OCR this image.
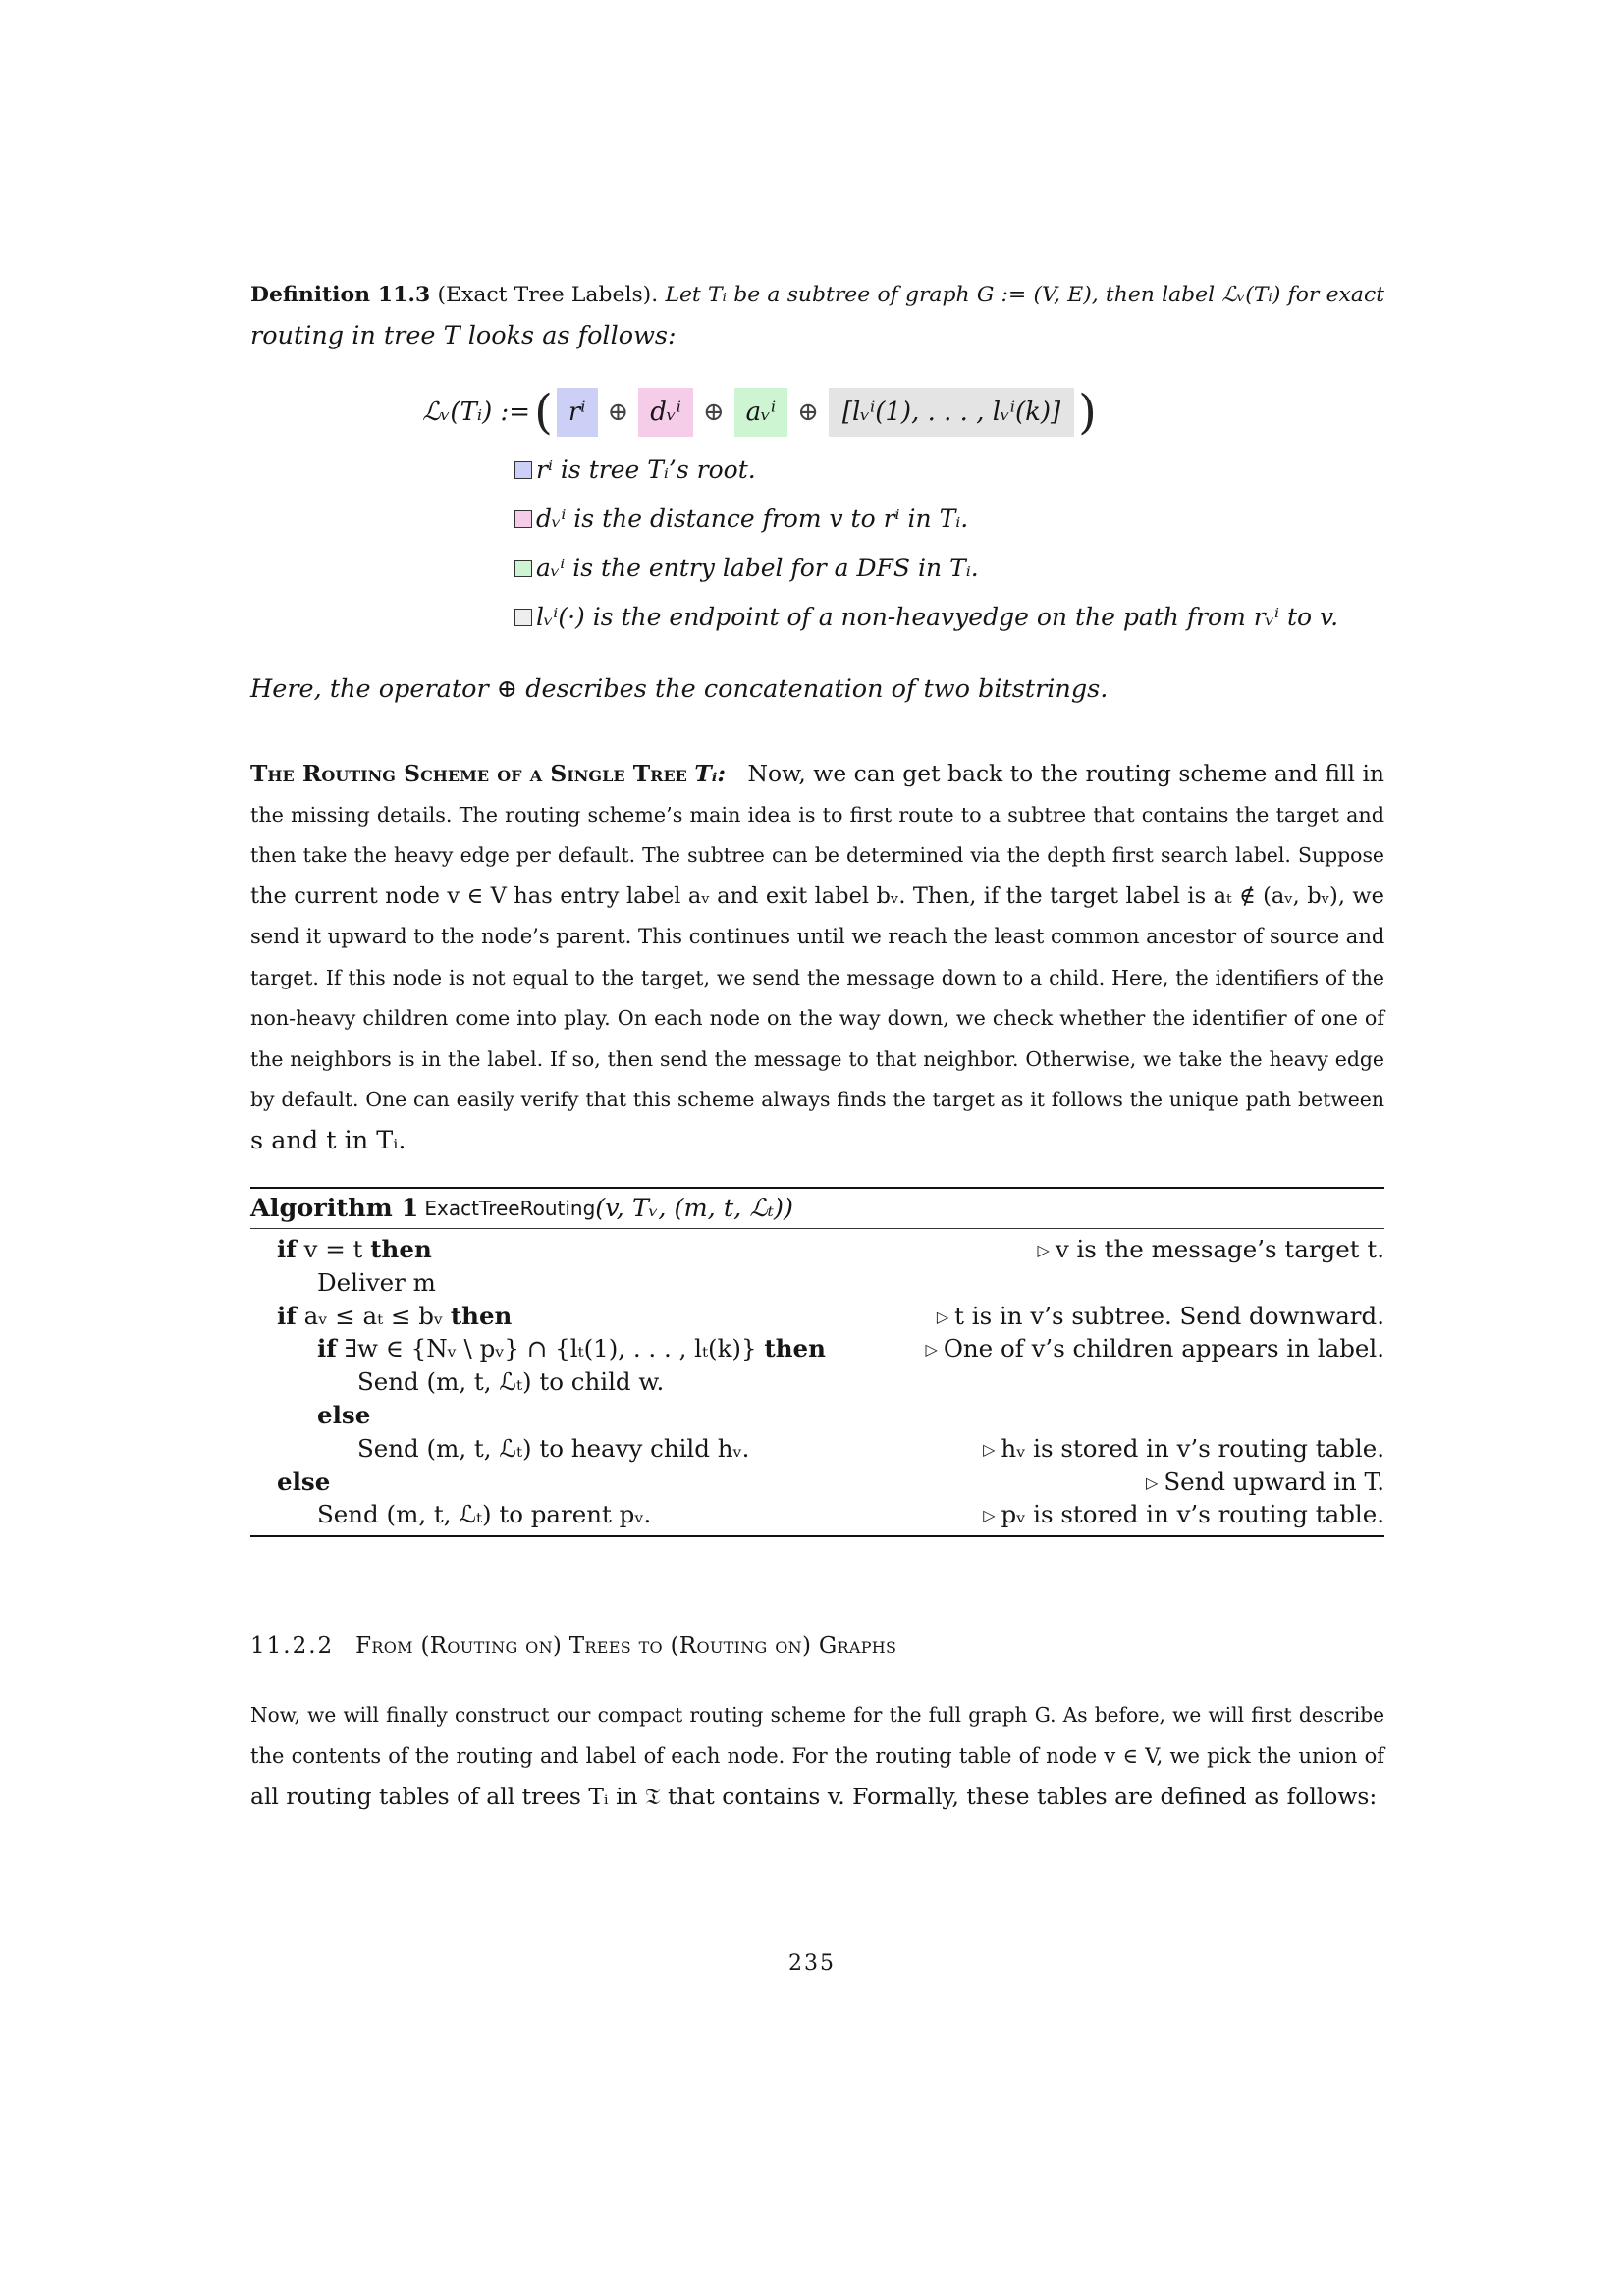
Definition 11.3 (Exact Tree Labels). Let Tᵢ be a subtree of graph G := (V, E), then label ℒᵥ(Tᵢ) for exact
routing in tree T looks as follows:

ℒᵥ(Tᵢ) := ( rⁱ ⊕ dᵥⁱ ⊕ aᵥⁱ ⊕ [lᵥⁱ(1), . . . , lᵥⁱ(k)] )
rⁱ is tree Tᵢ’s root.
dᵥⁱ is the distance from v to rⁱ in Tᵢ.
aᵥⁱ is the entry label for a DFS in Tᵢ.
lᵥⁱ(·) is the endpoint of a non-heavyedge on the path from rᵥⁱ to v.
Here, the operator ⊕ describes the concatenation of two bitstrings.

The Routing Scheme of a Single Tree Tᵢ: Now, we can get back to the routing scheme and fill in
the missing details. The routing scheme’s main idea is to first route to a subtree that contains the target and
then take the heavy edge per default. The subtree can be determined via the depth first search label. Suppose
the current node v ∈ V has entry label aᵥ and exit label bᵥ. Then, if the target label is aₜ ∉ (aᵥ, bᵥ), we
send it upward to the node’s parent. This continues until we reach the least common ancestor of source and
target. If this node is not equal to the target, we send the message down to a child. Here, the identifiers of the
non-heavy children come into play. On each node on the way down, we check whether the identifier of one of
the neighbors is in the label. If so, then send the message to that neighbor. Otherwise, we take the heavy edge
by default. One can easily verify that this scheme always finds the target as it follows the unique path between
s and t in Tᵢ.

Algorithm 1 ExactTreeRouting (v, Tᵥ, (m, t, ℒₜ))
if v = t then	▷ v is the message’s target t.
Deliver m
if aᵥ ≤ aₜ ≤ bᵥ then	▷ t is in v’s subtree. Send downward.
if ∃w ∈ {Nᵥ \ pᵥ} ∩ {lₜ(1), . . . , lₜ(k)} then	▷ One of v’s children appears in label.
Send (m, t, ℒₜ) to child w.
else
Send (m, t, ℒₜ) to heavy child hᵥ.	▷ hᵥ is stored in v’s routing table.
else	▷ Send upward in T.
Send (m, t, ℒₜ) to parent pᵥ.	▷ pᵥ is stored in v’s routing table.
11.2.2 From (Routing on) Trees to (Routing on) Graphs

Now, we will finally construct our compact routing scheme for the full graph G. As before, we will first describe
the contents of the routing and label of each node. For the routing table of node v ∈ V, we pick the union of
all routing tables of all trees Tᵢ in 𝔗 that contains v. Formally, these tables are defined as follows:

235
